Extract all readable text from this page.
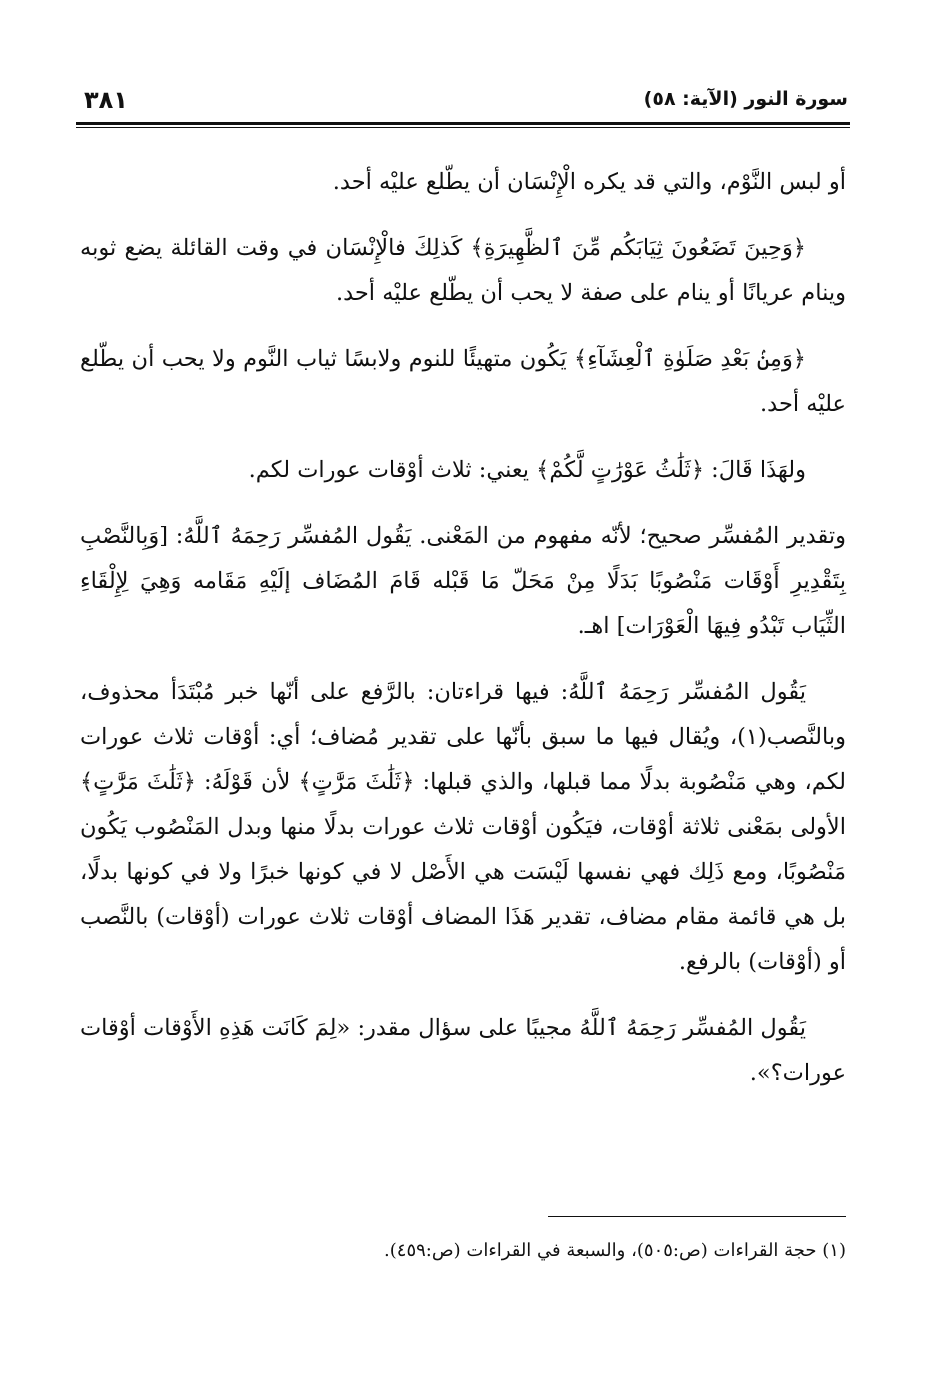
سورة النور (الآية: ٥٨)
٣٨١

أو لبس النَّوْم، والتي قد يكره الْإِنْسَان أن يطّلع عليْه أحد.

﴿وَحِينَ تَضَعُونَ ثِيَابَكُم مِّنَ ٱلظَّهِيرَةِ﴾ كَذلِكَ فالْإِنْسَان في وقت القائلة يضع ثوبه وينام عريانًا أو ينام على صفة لا يحب أن يطّلع عليْه أحد.

﴿وَمِنۢ بَعْدِ صَلَوٰةِ ٱلْعِشَآءِ﴾ يَكُون متهيئًا للنوم ولابسًا ثياب النَّوم ولا يحب أن يطّلع عليْه أحد.

ولهَذَا قَالَ: ﴿ثَلَٰثُ عَوْرَٰتٍ لَّكُمْ﴾ يعني: ثلاث أوْقات عورات لكم.

وتقدير المُفسِّر صحيح؛ لأنّه مفهوم من المَعْنى. يَقُول المُفسِّر رَحِمَهُ ٱللَّهُ: [وَبِالنَّصْبِ بِتَقْدِيرِ أَوْقَات مَنْصُوبًا بَدَلًا مِنْ مَحَلّ مَا قَبْله قَامَ المُضَاف إلَيْهِ مَقَامه وَهِيَ لِإِلْقَاءِ الثِّيَاب تَبْدُو فِيهَا الْعَوْرَات] اهـ.

يَقُول المُفسِّر رَحِمَهُ ٱللَّهُ: فيها قراءتان: بالرَّفع على أنّها خبر مُبْتَدَأ محذوف، وبالنَّصب(١)، ويُقال فيها ما سبق بأنّها على تقدير مُضاف؛ أي: أوْقات ثلاث عورات لكم، وهي مَنْصُوبة بدلًا مما قبلها، والذي قبلها: ﴿ثَلَٰثَ مَرَّٰتٍ﴾ لأن قَوْلَهُ: ﴿ثَلَٰثَ مَرَّٰتٍ﴾ الأولى بمَعْنى ثلاثة أوْقات، فيَكُون أوْقات ثلاث عورات بدلًا منها وبدل المَنْصُوب يَكُون مَنْصُوبًا، ومع ذَلِك فهي نفسها لَيْسَت هي الأَصْل لا في كونها خبرًا ولا في كونها بدلًا، بل هي قائمة مقام مضاف، تقدير هَذَا المضاف أوْقات ثلاث عورات (أوْقات) بالنَّصب أو (أوْقات) بالرفع.

يَقُول المُفسِّر رَحِمَهُ ٱللَّهُ مجيبًا على سؤال مقدر: «لِمَ كَانَت هَذِهِ الأَوْقات أوْقات عورات؟».

(١) حجة القراءات (ص:٥٠٥)، والسبعة في القراءات (ص:٤٥٩).
